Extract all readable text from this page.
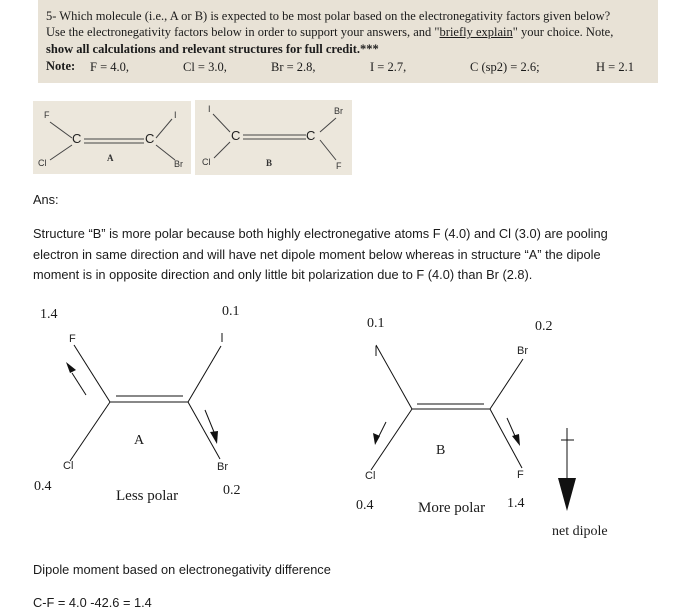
5- Which molecule (i.e., A or B) is expected to be most polar based on the electronegativity factors given below?
Use the electronegativity factors below in order to support your answers, and "briefly explain" your choice. Note,
show all calculations and relevant structures for full credit.***
Note: F = 4.0,	Cl = 3.0,	Br = 2.8,	I = 2.7,	C (sp2) = 2.6;	H = 2.1
F
Cl
C	C
I
Br
A
I
Cl
C	C
Br
F
B
Ans:
Structure “B” is more polar because both highly electronegative atoms F (4.0) and Cl (3.0) are pooling
electron in same direction and will have net dipole moment below whereas in structure “A” the dipole
moment is in opposite direction and only little bit polarization due to F (4.0) than Br (2.8).
1.4
F
0.1
Cl
0.4
A
Br
0.2
Less polar
0.1	0.2
Br
B
Cl
0.4
F
1.4
More polar
net dipole
Dipole moment based on electronegativity difference
C-F = 4.0 -42.6 = 1.4
